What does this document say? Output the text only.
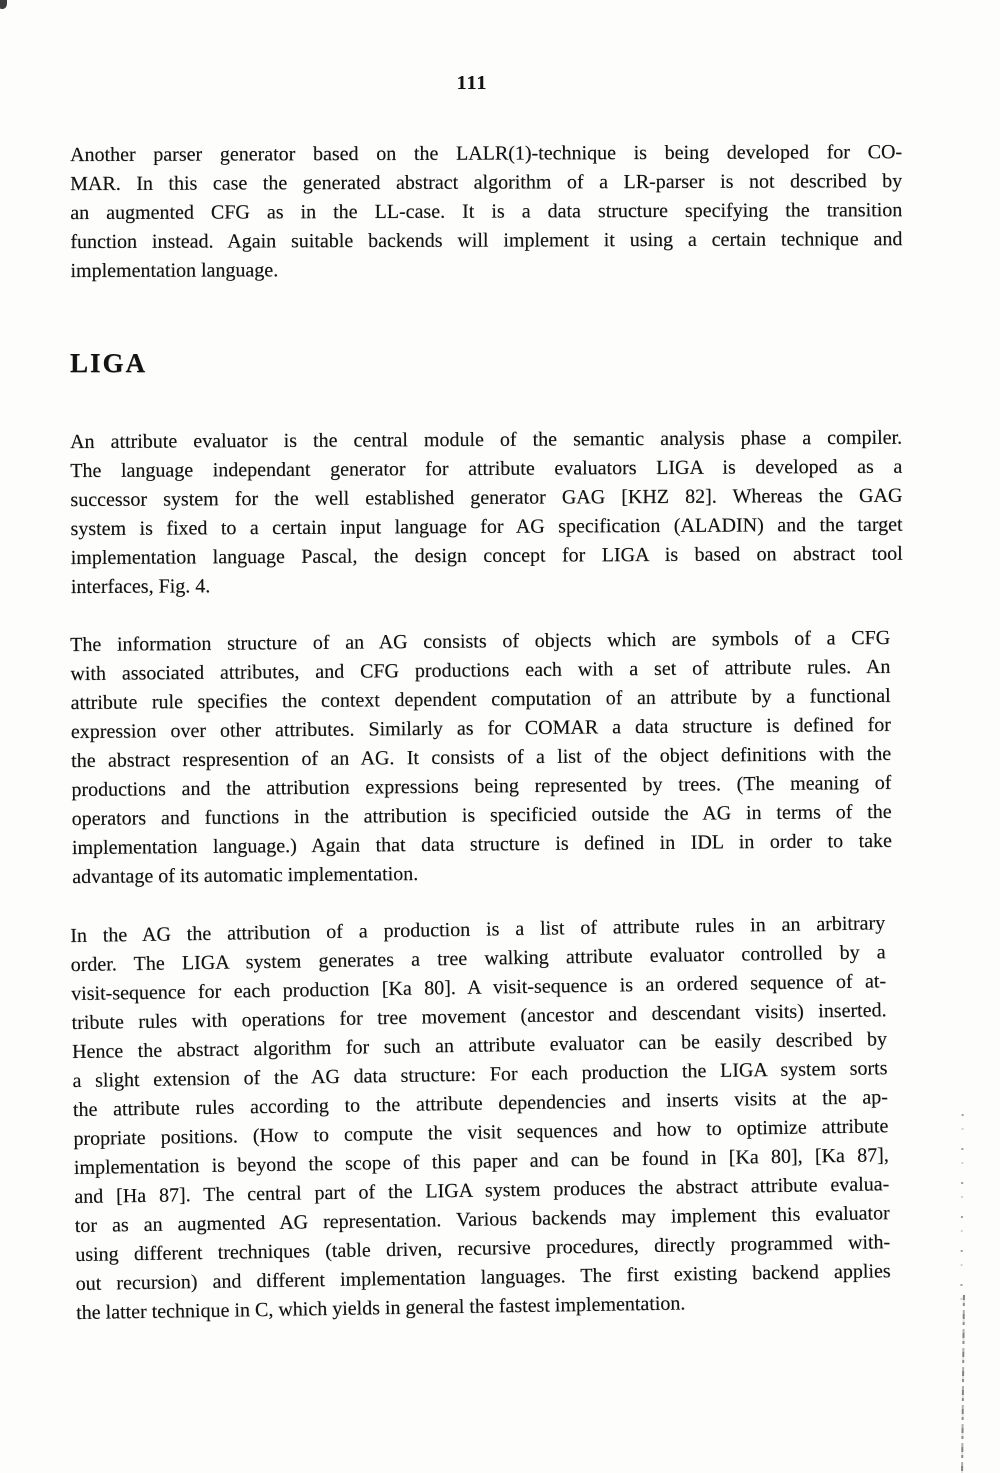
111
Another parser generator based on the LALR(1)-technique is being developed for CO-
MAR. In this case the generated abstract algorithm of a LR-parser is not described by
an augmented CFG as in the LL-case. It is a data structure specifying the transition
function instead. Again suitable backends will implement it using a certain technique and
implementation language.
LIGA
An attribute evaluator is the central module of the semantic analysis phase a compiler.
The language independant generator for attribute evaluators LIGA is developed as a
successor system for the well established generator GAG [KHZ 82]. Whereas the GAG
system is fixed to a certain input language for AG specification (ALADIN) and the target
implementation language Pascal, the design concept for LIGA is based on abstract tool
interfaces, Fig. 4.
The information structure of an AG consists of objects which are symbols of a CFG
with associated attributes, and CFG productions each with a set of attribute rules. An
attribute rule specifies the context dependent computation of an attribute by a functional
expression over other attributes. Similarly as for COMAR a data structure is defined for
the abstract respresention of an AG. It consists of a list of the object definitions with the
productions and the attribution expressions being represented by trees. (The meaning of
operators and functions in the attribution is specificied outside the AG in terms of the
implementation language.) Again that data structure is defined in IDL in order to take
advantage of its automatic implementation.
In the AG the attribution of a production is a list of attribute rules in an arbitrary
order. The LIGA system generates a tree walking attribute evaluator controlled by a
visit-sequence for each production [Ka 80]. A visit-sequence is an ordered sequence of at-
tribute rules with operations for tree movement (ancestor and descendant visits) inserted.
Hence the abstract algorithm for such an attribute evaluator can be easily described by
a slight extension of the AG data structure: For each production the LIGA system sorts
the attribute rules according to the attribute dependencies and inserts visits at the ap-
propriate positions. (How to compute the visit sequences and how to optimize attribute
implementation is beyond the scope of this paper and can be found in [Ka 80], [Ka 87],
and [Ha 87]. The central part of the LIGA system produces the abstract attribute evalua-
tor as an augmented AG representation. Various backends may implement this evaluator
using different trechniques (table driven, recursive procedures, directly programmed with-
out recursion) and different implementation languages. The first existing backend applies
the latter technique in C, which yields in general the fastest implementation.
